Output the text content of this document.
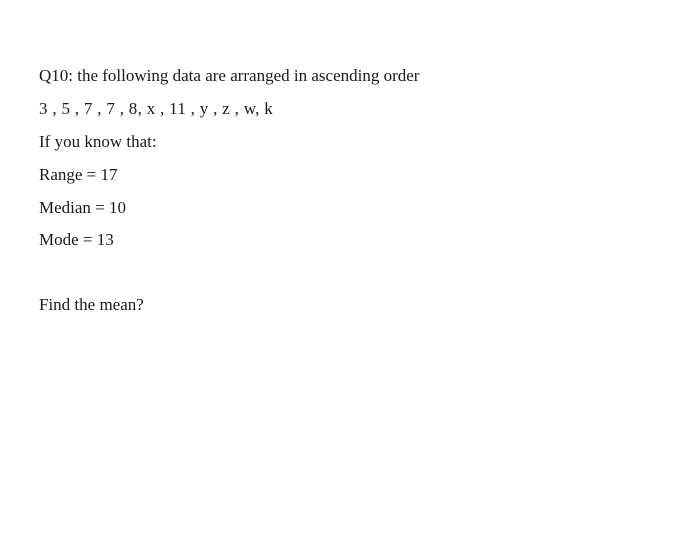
Q10: the following data are arranged in ascending order
3 , 5 , 7 , 7 , 8, x , 11 , y , z , w, k
If you know that:
Range = 17
Median = 10
Mode = 13
Find the mean?
